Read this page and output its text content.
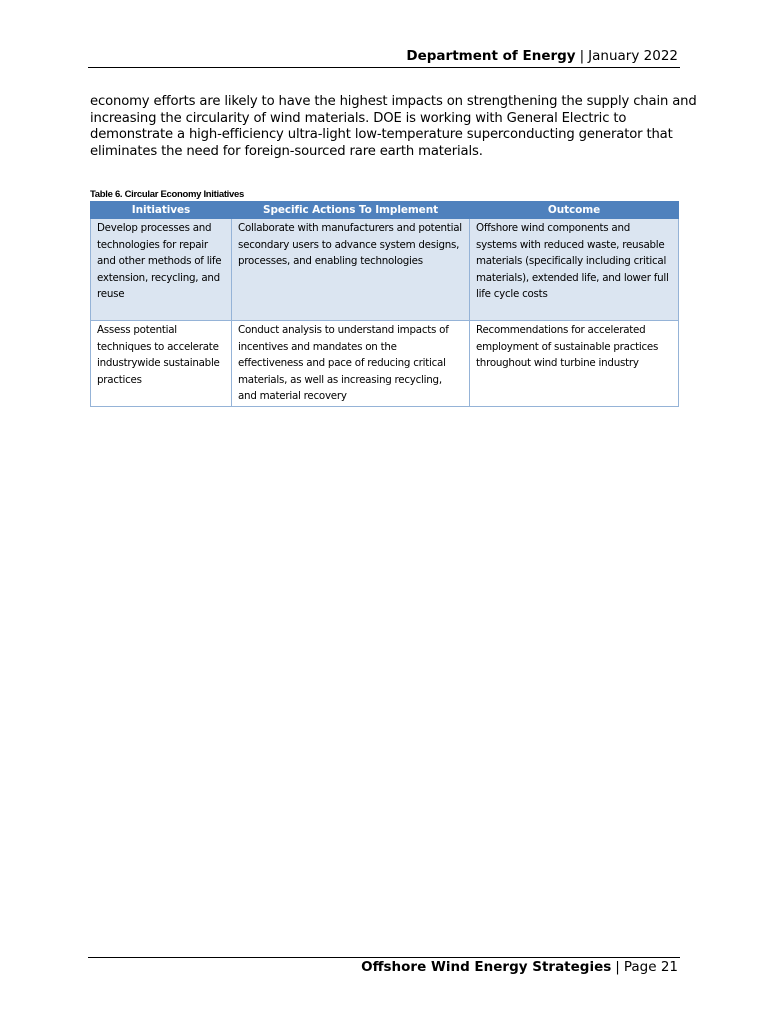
Department of Energy | January 2022
economy efforts are likely to have the highest impacts on strengthening the supply chain and
increasing the circularity of wind materials. DOE is working with General Electric to
demonstrate a high-efficiency ultra-light low-temperature superconducting generator that
eliminates the need for foreign-sourced rare earth materials.
Table 6. Circular Economy Initiatives
Initiatives	Specific Actions To Implement	Outcome
Develop processes and technologies for repair and other methods of life extension, recycling, and reuse	Collaborate with manufacturers and potential secondary users to advance system designs, processes, and enabling technologies	Offshore wind components and systems with reduced waste, reusable materials (specifically including critical materials), extended life, and lower full life cycle costs
Assess potential techniques to accelerate industrywide sustainable practices	Conduct analysis to understand impacts of incentives and mandates on the effectiveness and pace of reducing critical materials, as well as increasing recycling, and material recovery	Recommendations for accelerated employment of sustainable practices throughout wind turbine industry
Offshore Wind Energy Strategies | Page 21
